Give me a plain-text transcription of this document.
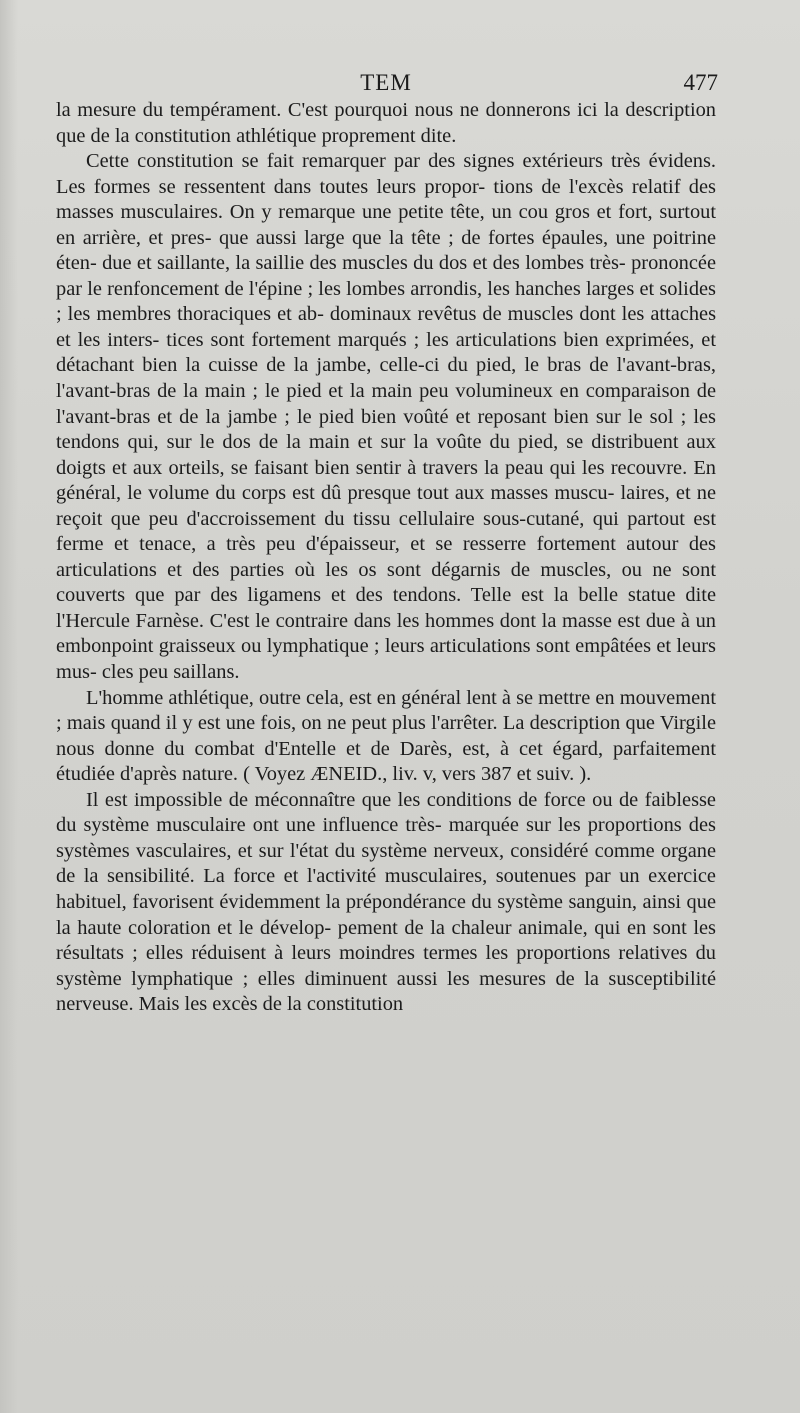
TEM	477

la mesure du tempérament. C'est pourquoi nous ne donnerons ici la description que de la constitution athlétique proprement dite.

Cette constitution se fait remarquer par des signes extérieurs très évidens. Les formes se ressentent dans toutes leurs propor- tions de l'excès relatif des masses musculaires. On y remarque une petite tête, un cou gros et fort, surtout en arrière, et pres- que aussi large que la tête ; de fortes épaules, une poitrine éten- due et saillante, la saillie des muscles du dos et des lombes très- prononcée par le renfoncement de l'épine ; les lombes arrondis, les hanches larges et solides ; les membres thoraciques et ab- dominaux revêtus de muscles dont les attaches et les inters- tices sont fortement marqués ; les articulations bien exprimées, et détachant bien la cuisse de la jambe, celle-ci du pied, le bras de l'avant-bras, l'avant-bras de la main ; le pied et la main peu volumineux en comparaison de l'avant-bras et de la jambe ; le pied bien voûté et reposant bien sur le sol ; les tendons qui, sur le dos de la main et sur la voûte du pied, se distribuent aux doigts et aux orteils, se faisant bien sentir à travers la peau qui les recouvre. En général, le volume du corps est dû presque tout aux masses muscu- laires, et ne reçoit que peu d'accroissement du tissu cellulaire sous-cutané, qui partout est ferme et tenace, a très peu d'épaisseur, et se resserre fortement autour des articulations et des parties où les os sont dégarnis de muscles, ou ne sont couverts que par des ligamens et des tendons. Telle est la belle statue dite l'Hercule Farnèse. C'est le contraire dans les hommes dont la masse est due à un embonpoint graisseux ou lymphatique ; leurs articulations sont empâtées et leurs mus- cles peu saillans.

L'homme athlétique, outre cela, est en général lent à se mettre en mouvement ; mais quand il y est une fois, on ne peut plus l'arrêter. La description que Virgile nous donne du combat d'Entelle et de Darès, est, à cet égard, parfaitement étudiée d'après nature. ( Voyez ÆNEID., liv. v, vers 387 et suiv. ).

Il est impossible de méconnaître que les conditions de force ou de faiblesse du système musculaire ont une influence très- marquée sur les proportions des systèmes vasculaires, et sur l'état du système nerveux, considéré comme organe de la sensibilité. La force et l'activité musculaires, soutenues par un exercice habituel, favorisent évidemment la prépondérance du système sanguin, ainsi que la haute coloration et le dévelop- pement de la chaleur animale, qui en sont les résultats ; elles réduisent à leurs moindres termes les proportions relatives du système lymphatique ; elles diminuent aussi les mesures de la susceptibilité nerveuse. Mais les excès de la constitution
